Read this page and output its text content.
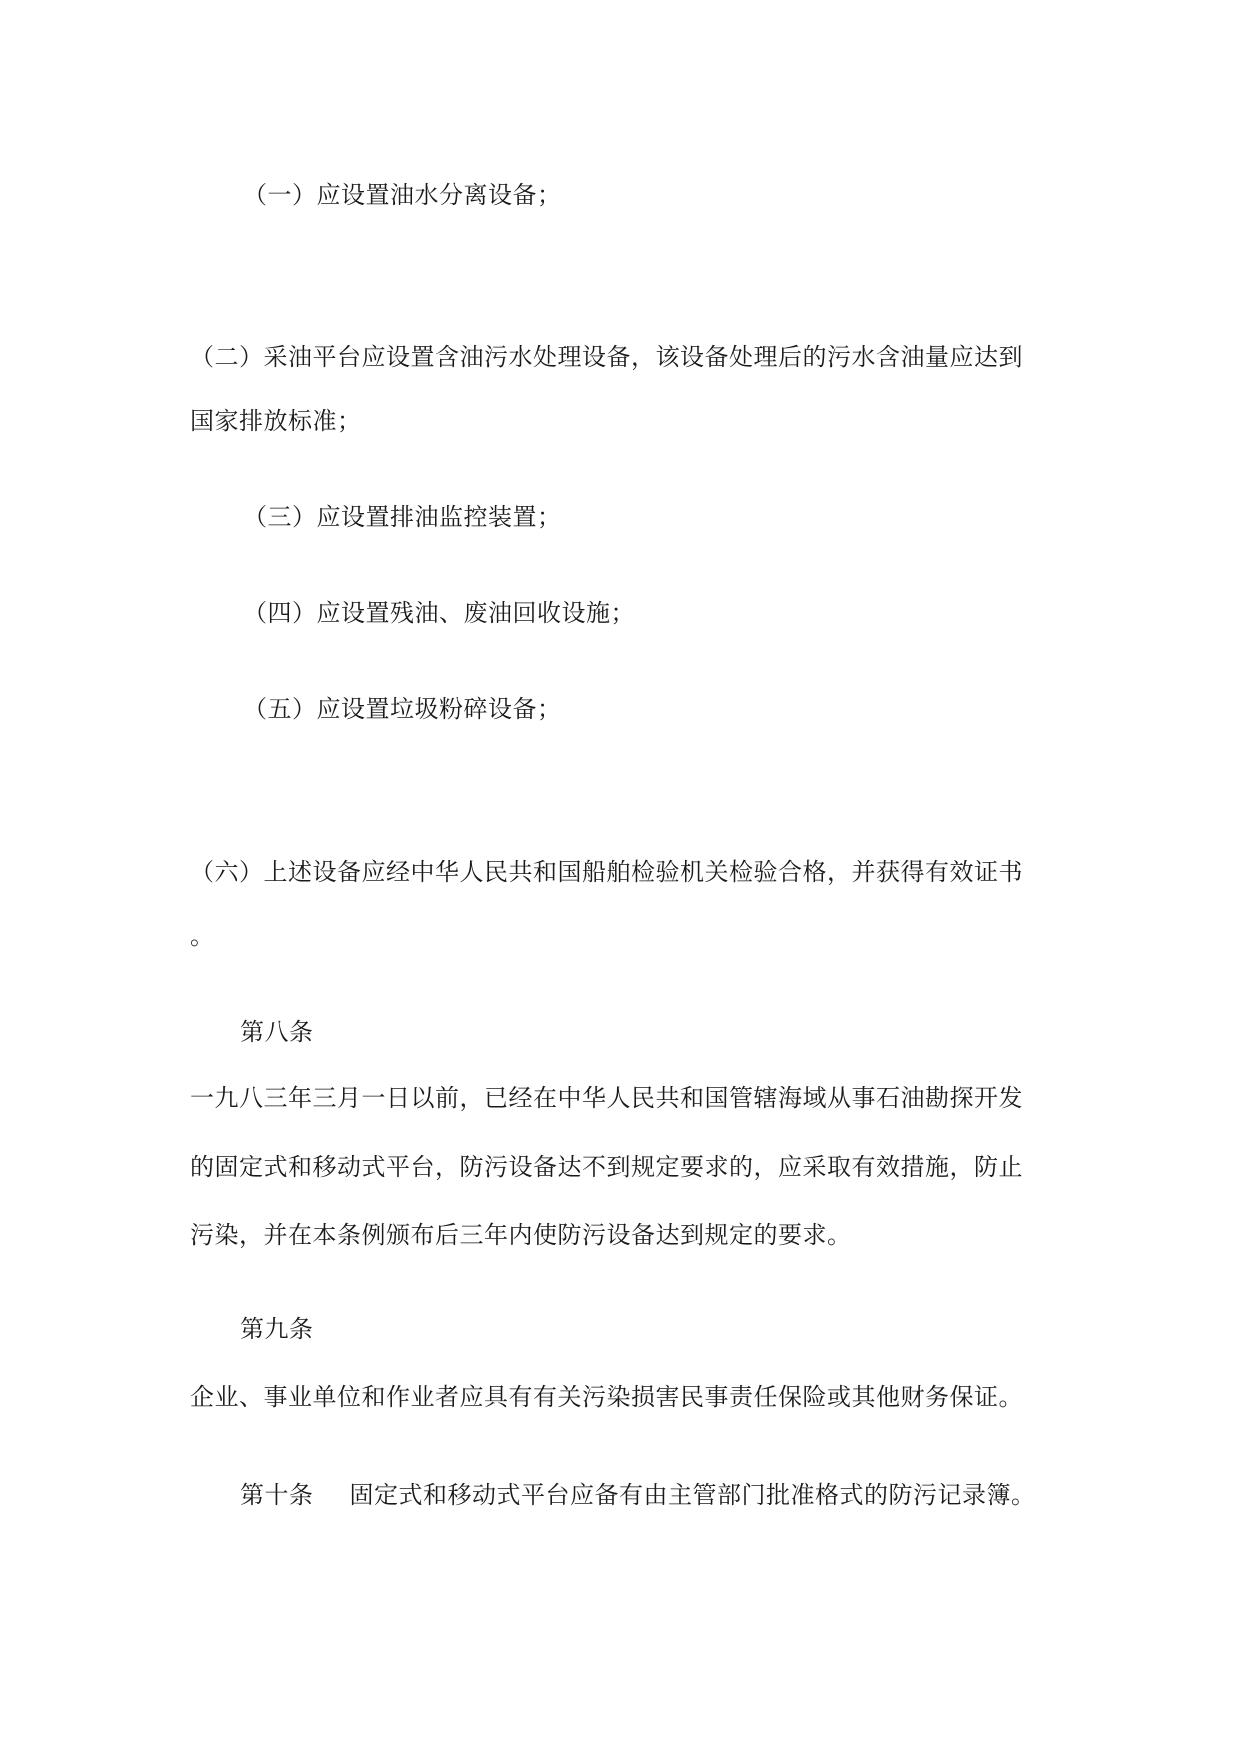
（一）应设置油水分离设备；
（二）采油平台应设置含油污水处理设备，该设备处理后的污水含油量应达到
国家排放标准；
（三）应设置排油监控装置；
（四）应设置残油、废油回收设施；
（五）应设置垃圾粉碎设备；
（六）上述设备应经中华人民共和国船舶检验机关检验合格，并获得有效证书
。
第八条
一九八三年三月一日以前，已经在中华人民共和国管辖海域从事石油勘探开发
的固定式和移动式平台，防污设备达不到规定要求的，应采取有效措施，防止
污染，并在本条例颁布后三年内使防污设备达到规定的要求。
第九条
企业、事业单位和作业者应具有有关污染损害民事责任保险或其他财务保证。
第十条 固定式和移动式平台应备有由主管部门批准格式的防污记录簿。
